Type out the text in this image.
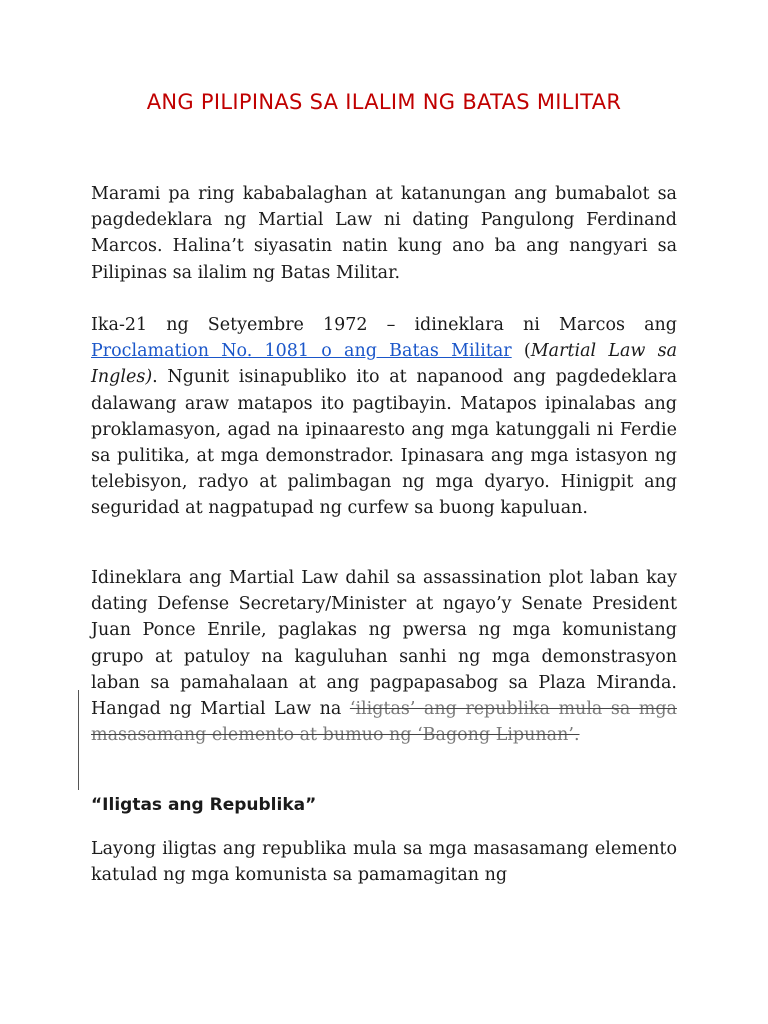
ANG PILIPINAS SA ILALIM NG BATAS MILITAR

Marami pa ring kababalaghan at katanungan ang bumabalot sa pagdedeklara ng Martial Law ni dating Pangulong Ferdinand Marcos. Halina’t siyasatin natin kung ano ba ang nangyari sa Pilipinas sa ilalim ng Batas Militar.

Ika-21 ng Setyembre 1972 – idineklara ni Marcos ang Proclamation No. 1081 o ang Batas Militar (Martial Law sa Ingles). Ngunit isinapubliko ito at napanood ang pagdedeklara dalawang araw matapos ito pagtibayin. Matapos ipinalabas ang proklamasyon, agad na ipinaaresto ang mga katunggali ni Ferdie sa pulitika, at mga demonstrador. Ipinasara ang mga istasyon ng telebisyon, radyo at palimbagan ng mga dyaryo. Hinigpit ang seguridad at nagpatupad ng curfew sa buong kapuluan.

Idineklara ang Martial Law dahil sa assassination plot laban kay dating Defense Secretary/Minister at ngayo’y Senate President Juan Ponce Enrile, paglakas ng pwersa ng mga komunistang grupo at patuloy na kaguluhan sanhi ng mga demonstrasyon laban sa pamahalaan at ang pagpapasabog sa Plaza Miranda. Hangad ng Martial Law na ‘iligtas’ ang republika mula sa mga masasamang elemento at bumuo ng ‘Bagong Lipunan’.

“Iligtas ang Republika”

Layong iligtas ang republika mula sa mga masasamang elemento katulad ng mga komunista sa pamamagitan ng
